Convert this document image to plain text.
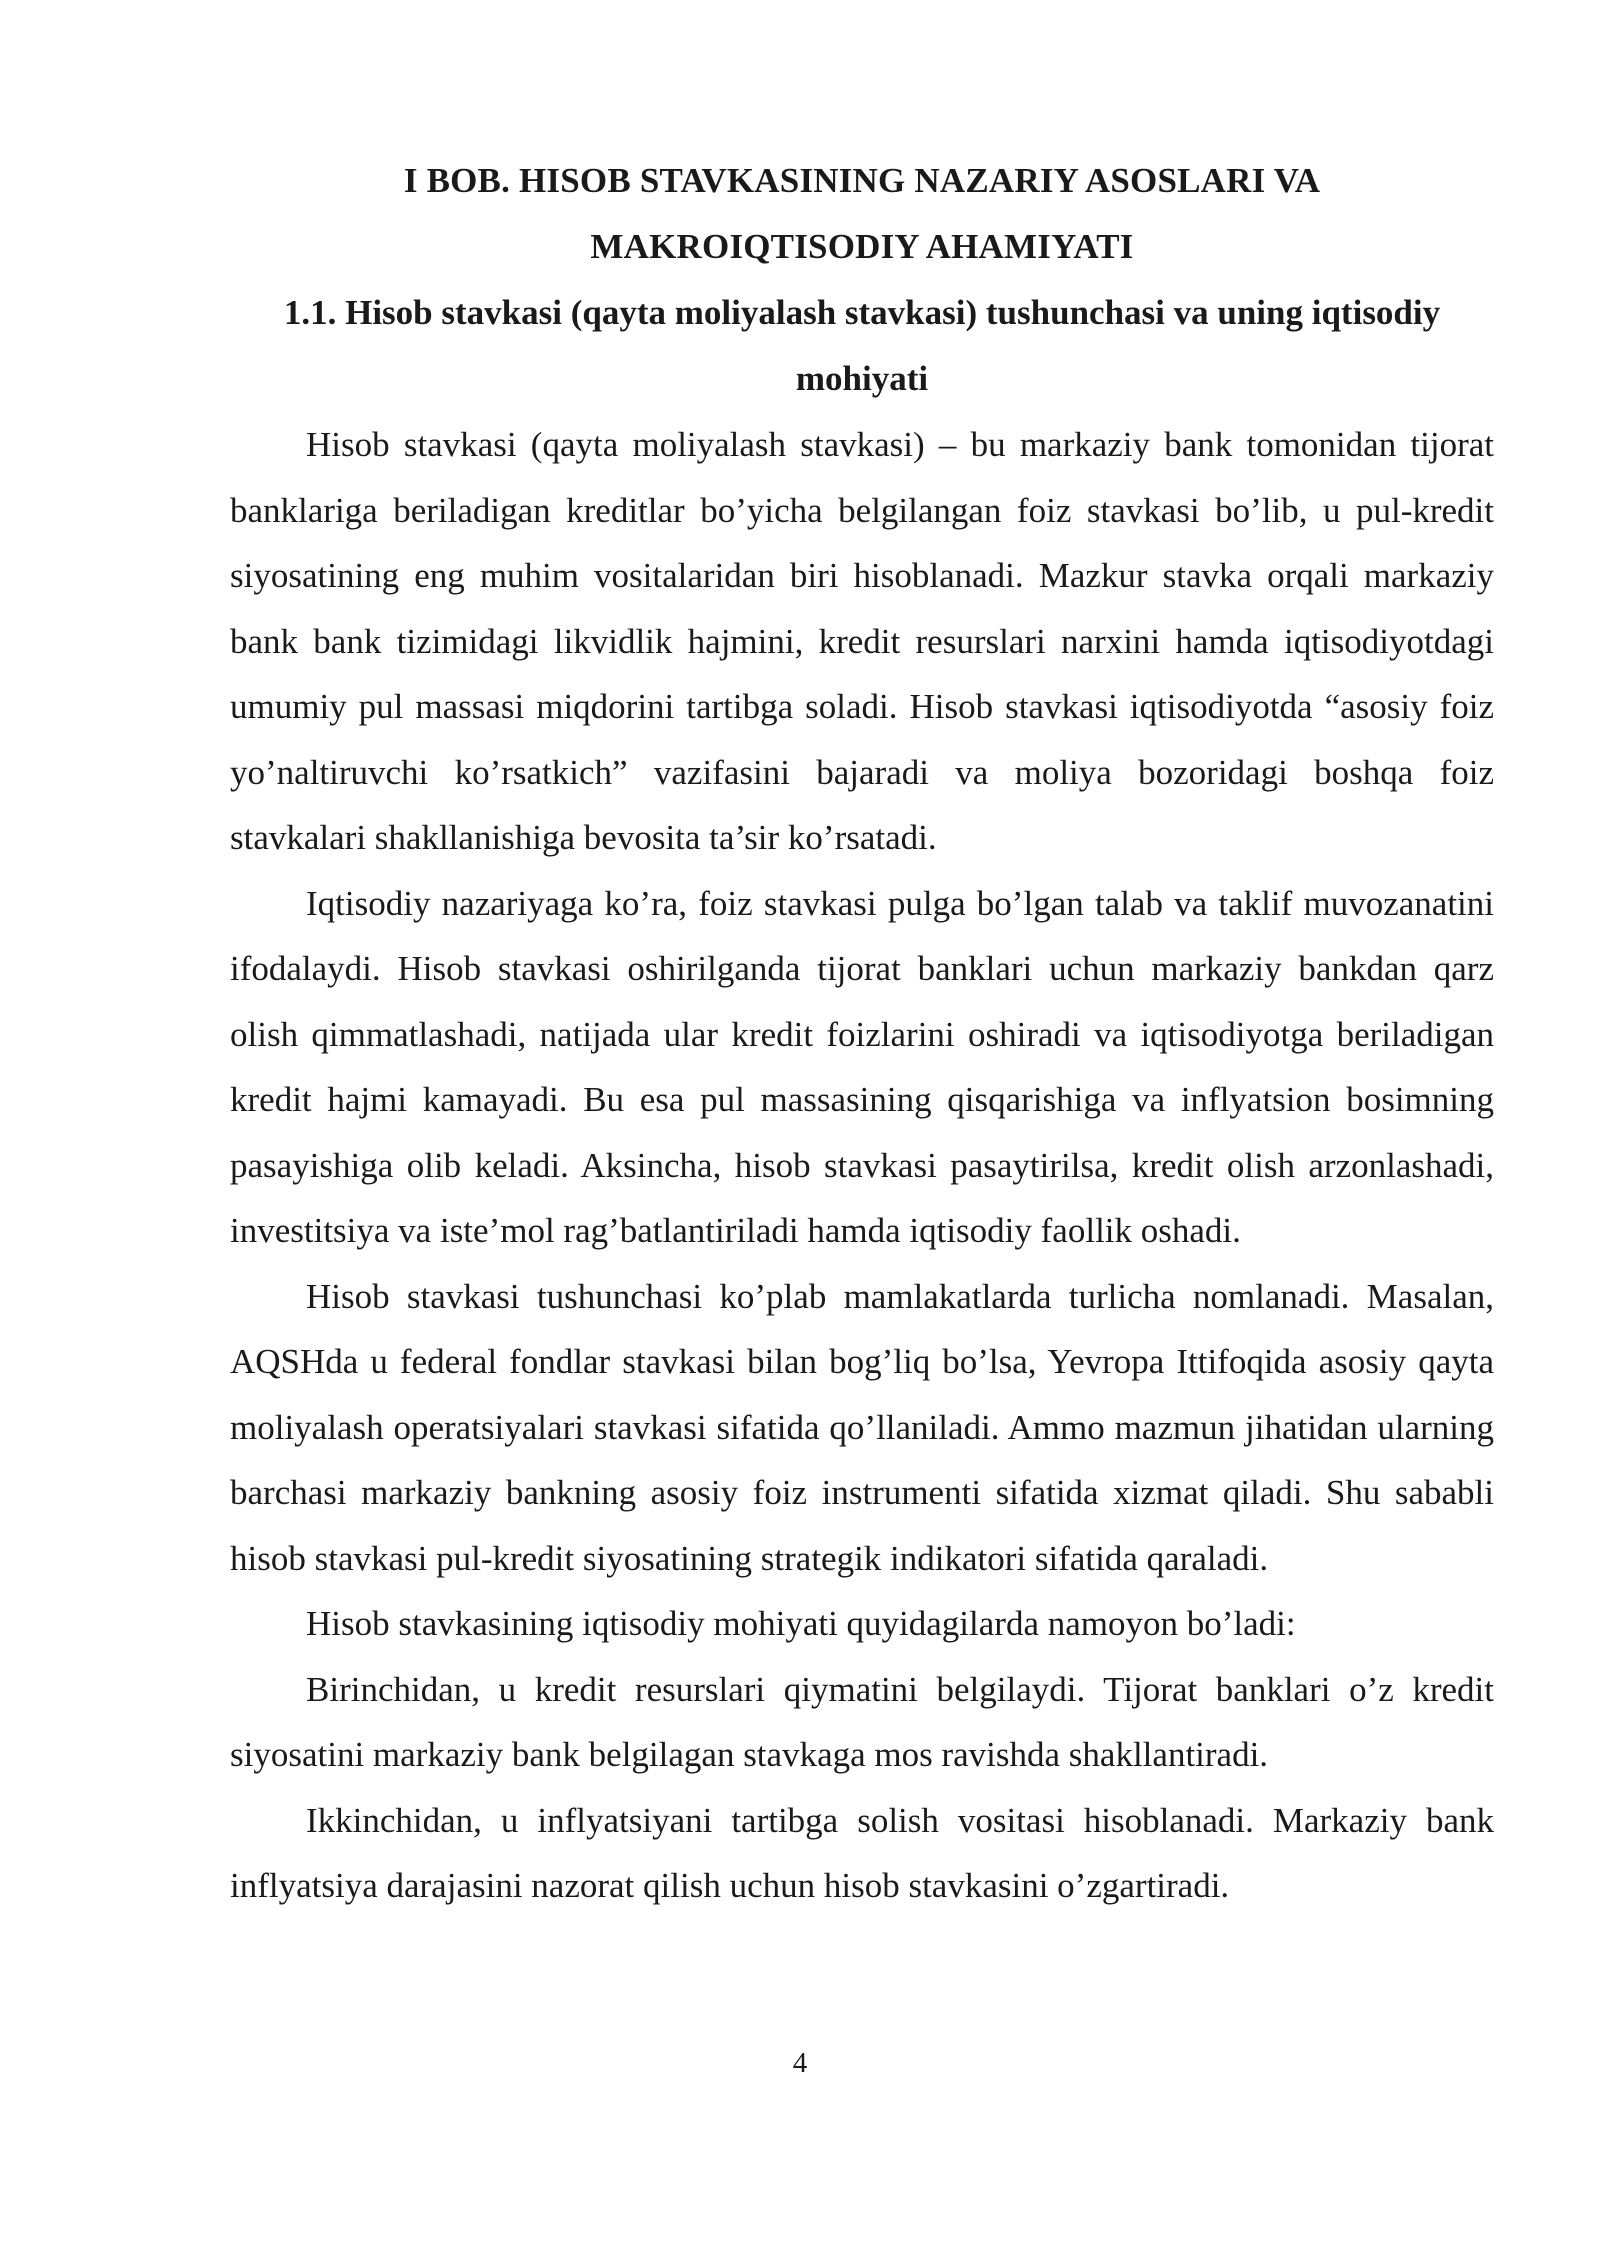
I BOB. HISOB STAVKASINING NAZARIY ASOSLARI VA

MAKROIQTISODIY AHAMIYATI

1.1. Hisob stavkasi (qayta moliyalash stavkasi) tushunchasi va uning iqtisodiy mohiyati

Hisob stavkasi (qayta moliyalash stavkasi) – bu markaziy bank tomonidan tijorat banklariga beriladigan kreditlar bo’yicha belgilangan foiz stavkasi bo’lib, u pul-kredit siyosatining eng muhim vositalaridan biri hisoblanadi. Mazkur stavka orqali markaziy bank bank tizimidagi likvidlik hajmini, kredit resurslari narxini hamda iqtisodiyotdagi umumiy pul massasi miqdorini tartibga soladi. Hisob stavkasi iqtisodiyotda “asosiy foiz yo’naltiruvchi ko’rsatkich” vazifasini bajaradi va moliya bozoridagi boshqa foiz stavkalari shakllanishiga bevosita ta’sir ko’rsatadi.

Iqtisodiy nazariyaga ko’ra, foiz stavkasi pulga bo’lgan talab va taklif muvozanatini ifodalaydi. Hisob stavkasi oshirilganda tijorat banklari uchun markaziy bankdan qarz olish qimmatlashadi, natijada ular kredit foizlarini oshiradi va iqtisodiyotga beriladigan kredit hajmi kamayadi. Bu esa pul massasining qisqarishiga va inflyatsion bosimning pasayishiga olib keladi. Aksincha, hisob stavkasi pasaytirilsa, kredit olish arzonlashadi, investitsiya va iste’mol rag’batlantiriladi hamda iqtisodiy faollik oshadi.

Hisob stavkasi tushunchasi ko’plab mamlakatlarda turlicha nomlanadi. Masalan, AQSHda u federal fondlar stavkasi bilan bog’liq bo’lsa, Yevropa Ittifoqida asosiy qayta moliyalash operatsiyalari stavkasi sifatida qo’llaniladi. Ammo mazmun jihatidan ularning barchasi markaziy bankning asosiy foiz instrumenti sifatida xizmat qiladi. Shu sababli hisob stavkasi pul-kredit siyosatining strategik indikatori sifatida qaraladi.

Hisob stavkasining iqtisodiy mohiyati quyidagilarda namoyon bo’ladi:

Birinchidan, u kredit resurslari qiymatini belgilaydi. Tijorat banklari o’z kredit siyosatini markaziy bank belgilagan stavkaga mos ravishda shakllantiradi.

Ikkinchidan, u inflyatsiyani tartibga solish vositasi hisoblanadi. Markaziy bank inflyatsiya darajasini nazorat qilish uchun hisob stavkasini o’zgartiradi.

4
